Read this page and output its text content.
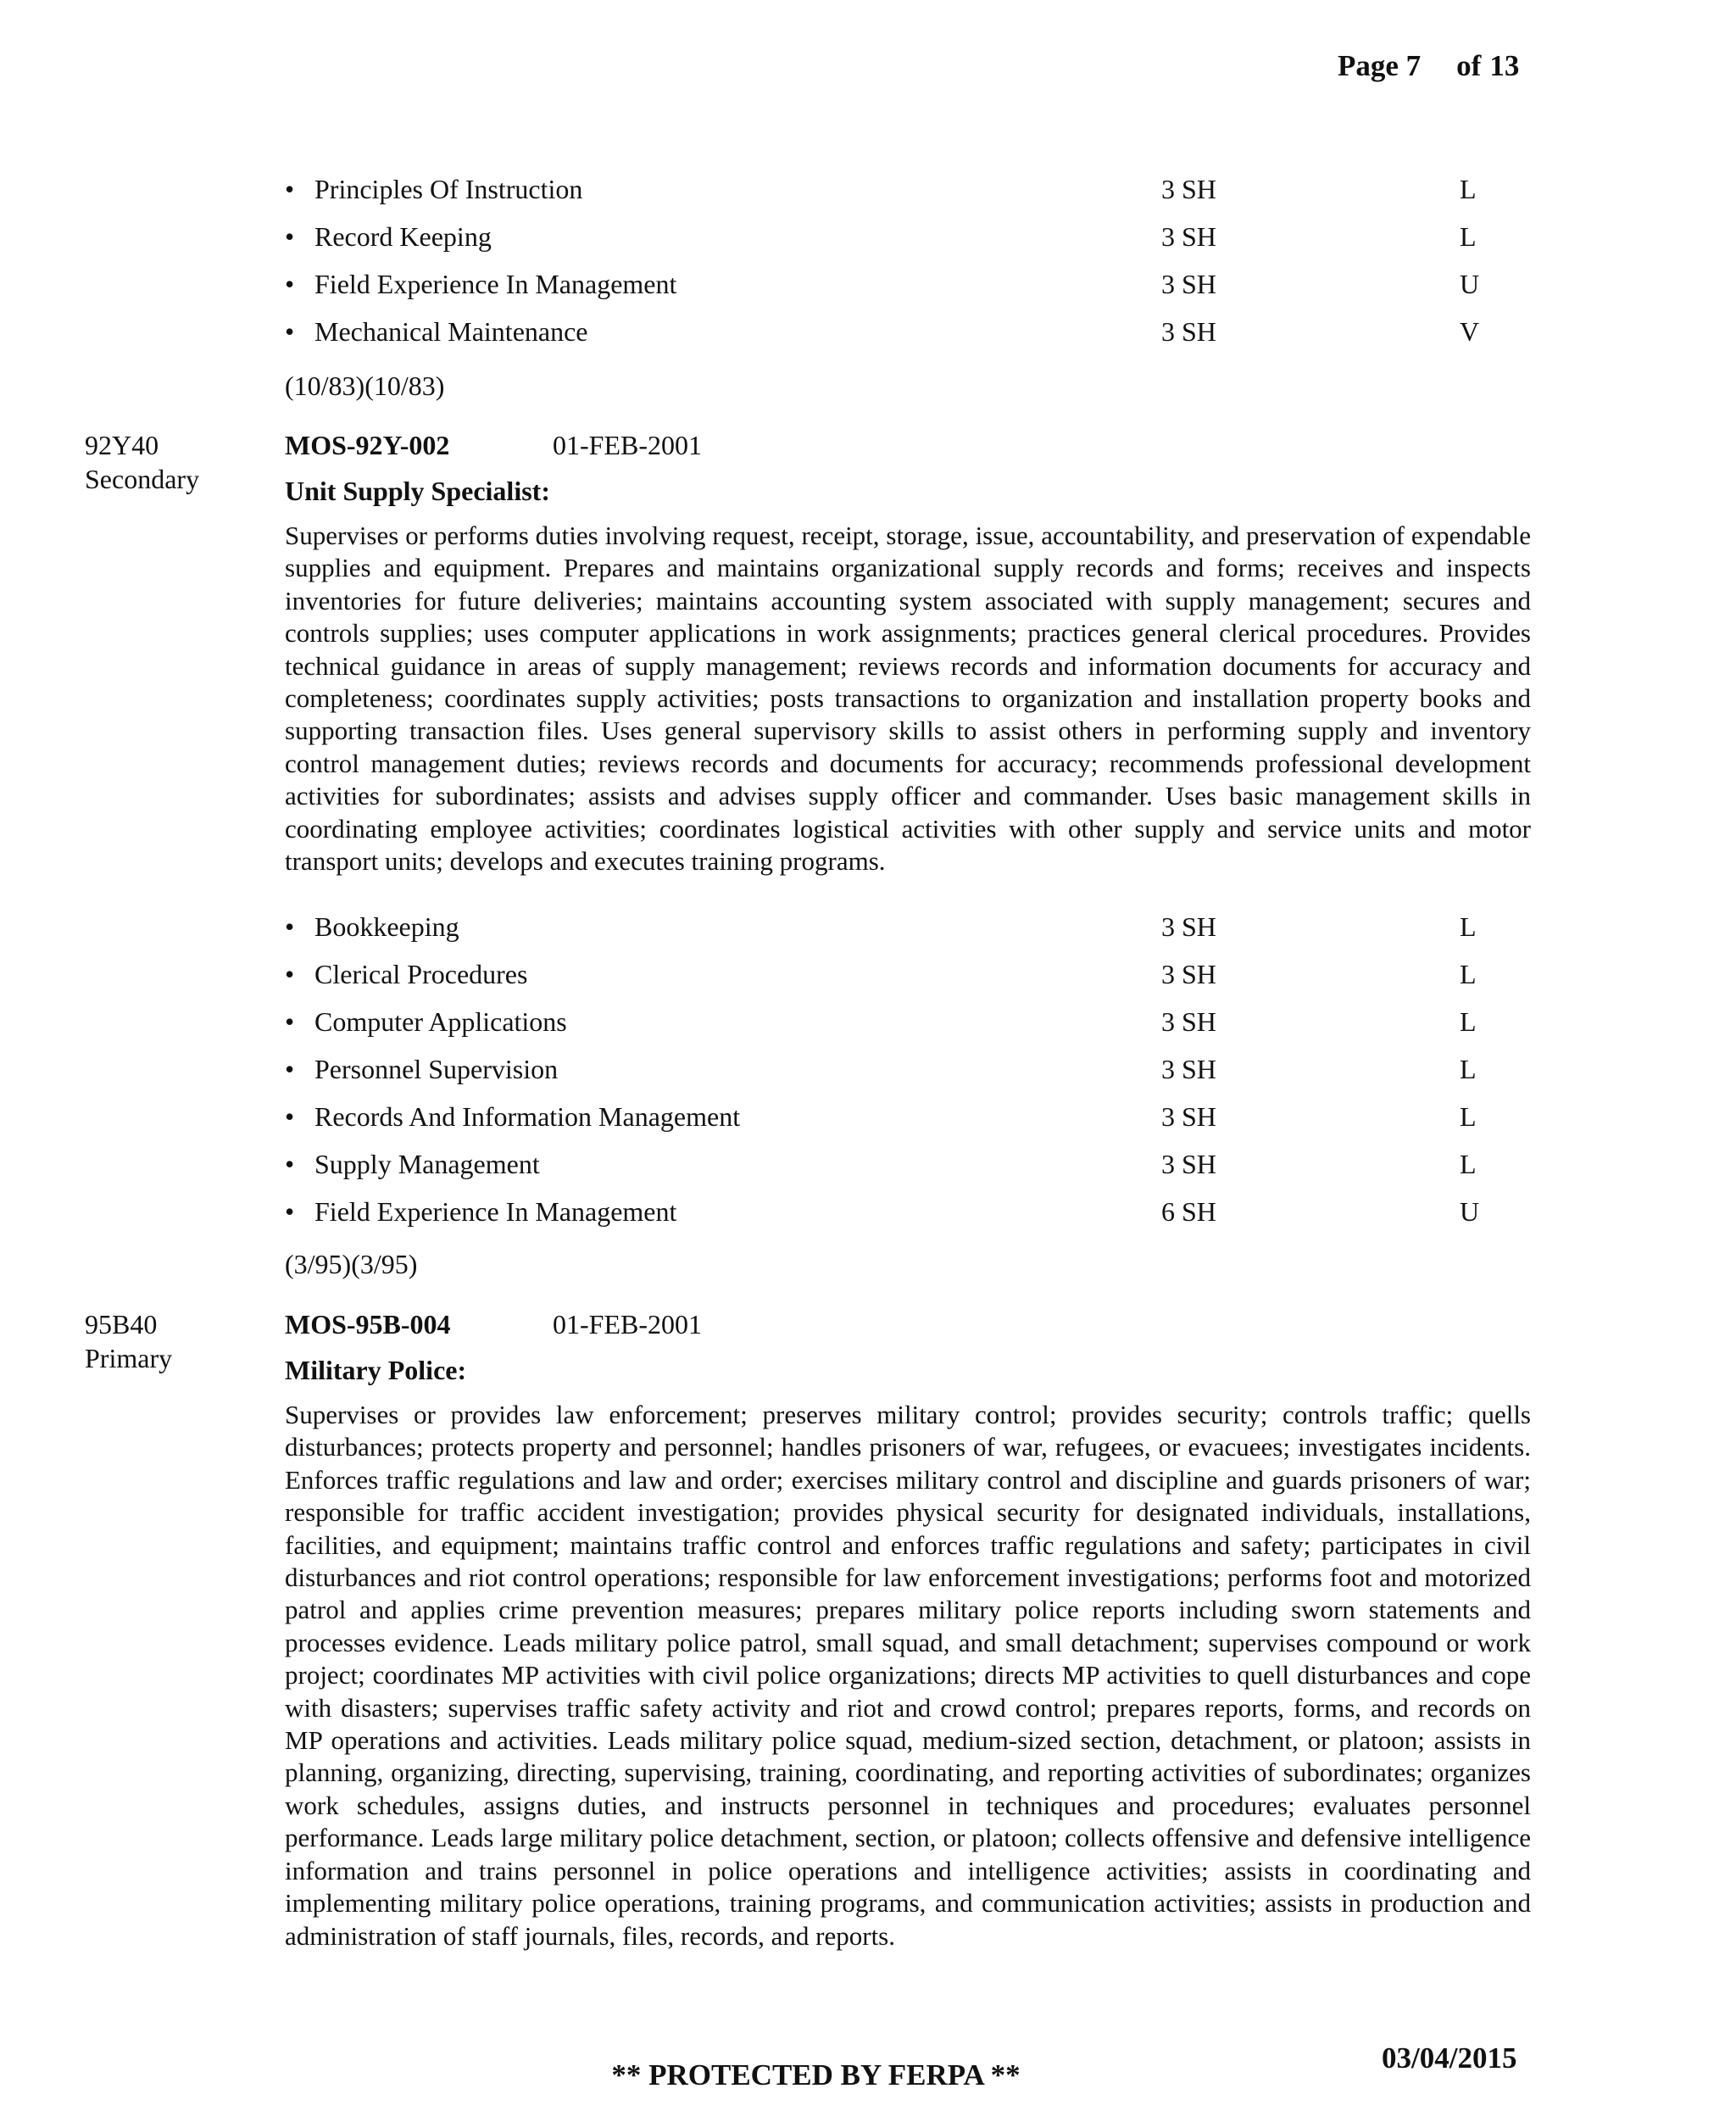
Page 7 of 13
• Principles Of Instruction	3 SH	L
• Record Keeping	3 SH	L
• Field Experience In Management	3 SH	U
• Mechanical Maintenance	3 SH	V
(10/83)(10/83)
92Y40
Secondary
MOS-92Y-002	01-FEB-2001
Unit Supply Specialist:

Supervises or performs duties involving request, receipt, storage, issue, accountability, and preservation of expendable supplies and equipment. Prepares and maintains organizational supply records and forms; receives and inspects inventories for future deliveries; maintains accounting system associated with supply management; secures and controls supplies; uses computer applications in work assignments; practices general clerical procedures. Provides technical guidance in areas of supply management; reviews records and information documents for accuracy and completeness; coordinates supply activities; posts transactions to organization and installation property books and supporting transaction files. Uses general supervisory skills to assist others in performing supply and inventory control management duties; reviews records and documents for accuracy; recommends professional development activities for subordinates; assists and advises supply officer and commander. Uses basic management skills in coordinating employee activities; coordinates logistical activities with other supply and service units and motor transport units; develops and executes training programs.

• Bookkeeping	3 SH	L
• Clerical Procedures	3 SH	L
• Computer Applications	3 SH	L
• Personnel Supervision	3 SH	L
• Records And Information Management	3 SH	L
• Supply Management	3 SH	L
• Field Experience In Management	6 SH	U
(3/95)(3/95)
95B40
Primary
MOS-95B-004	01-FEB-2001
Military Police:

Supervises or provides law enforcement; preserves military control; provides security; controls traffic; quells disturbances; protects property and personnel; handles prisoners of war, refugees, or evacuees; investigates incidents. Enforces traffic regulations and law and order; exercises military control and discipline and guards prisoners of war; responsible for traffic accident investigation; provides physical security for designated individuals, installations, facilities, and equipment; maintains traffic control and enforces traffic regulations and safety; participates in civil disturbances and riot control operations; responsible for law enforcement investigations; performs foot and motorized patrol and applies crime prevention measures; prepares military police reports including sworn statements and processes evidence. Leads military police patrol, small squad, and small detachment; supervises compound or work project; coordinates MP activities with civil police organizations; directs MP activities to quell disturbances and cope with disasters; supervises traffic safety activity and riot and crowd control; prepares reports, forms, and records on MP operations and activities. Leads military police squad, medium-sized section, detachment, or platoon; assists in planning, organizing, directing, supervising, training, coordinating, and reporting activities of subordinates; organizes work schedules, assigns duties, and instructs personnel in techniques and procedures; evaluates personnel performance. Leads large military police detachment, section, or platoon; collects offensive and defensive intelligence information and trains personnel in police operations and intelligence activities; assists in coordinating and implementing military police operations, training programs, and communication activities; assists in production and administration of staff journals, files, records, and reports.

** PROTECTED BY FERPA **
03/04/2015
